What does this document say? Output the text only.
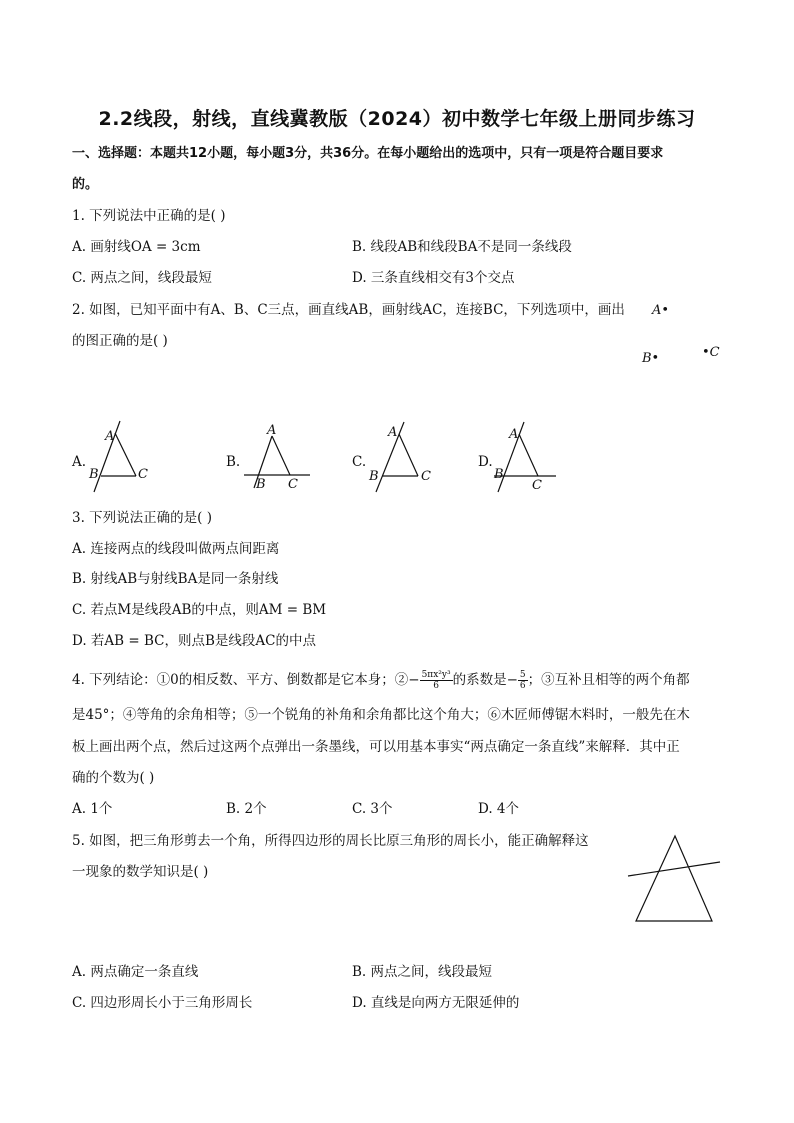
2.2线段，射线，直线冀教版（2024）初中数学七年级上册同步练习
一、选择题：本题共12小题，每小题3分，共36分。在每小题给出的选项中，只有一项是符合题目要求
的。
1. 下列说法中正确的是( )
A. 画射线OA = 3cm	B. 线段AB和线段BA不是同一条线段
C. 两点之间，线段最短	D. 三条直线相交有3个交点
2. 如图，已知平面中有A、B、C三点，画直线AB，画射线AC，连接BC，下列选项中，画出
的图正确的是( )
A•
B•	•C
A.
A
B	C
B.
A
B C
C.
A
B	C
D.
A
B
C
3. 下列说法正确的是( )
A. 连接两点的线段叫做两点间距离
B. 射线AB与射线BA是同一条射线
C. 若点M是线段AB的中点，则AM = BM
D. 若AB = BC，则点B是线段AC的中点
4. 下列结论：①0的相反数、平方、倒数都是它本身；②− $\frac{\text{5πx²y³}}{6}$ 的系数是− $\frac{5}{6}$ ；③互补且相等的两个角都
是45°；④等角的余角相等；⑤一个锐角的补角和余角都比这个角大；⑥木匠师傅锯木料时，一般先在木
板上画出两个点，然后过这两个点弹出一条墨线，可以用基本事实“两点确定一条直线”来解释．其中正
确的个数为( )
A. 1个	B. 2个	C. 3个	D. 4个
5. 如图，把三角形剪去一个角，所得四边形的周长比原三角形的周长小，能正确解释这
一现象的数学知识是( )
A. 两点确定一条直线	B. 两点之间，线段最短
C. 四边形周长小于三角形周长	D. 直线是向两方无限延伸的
